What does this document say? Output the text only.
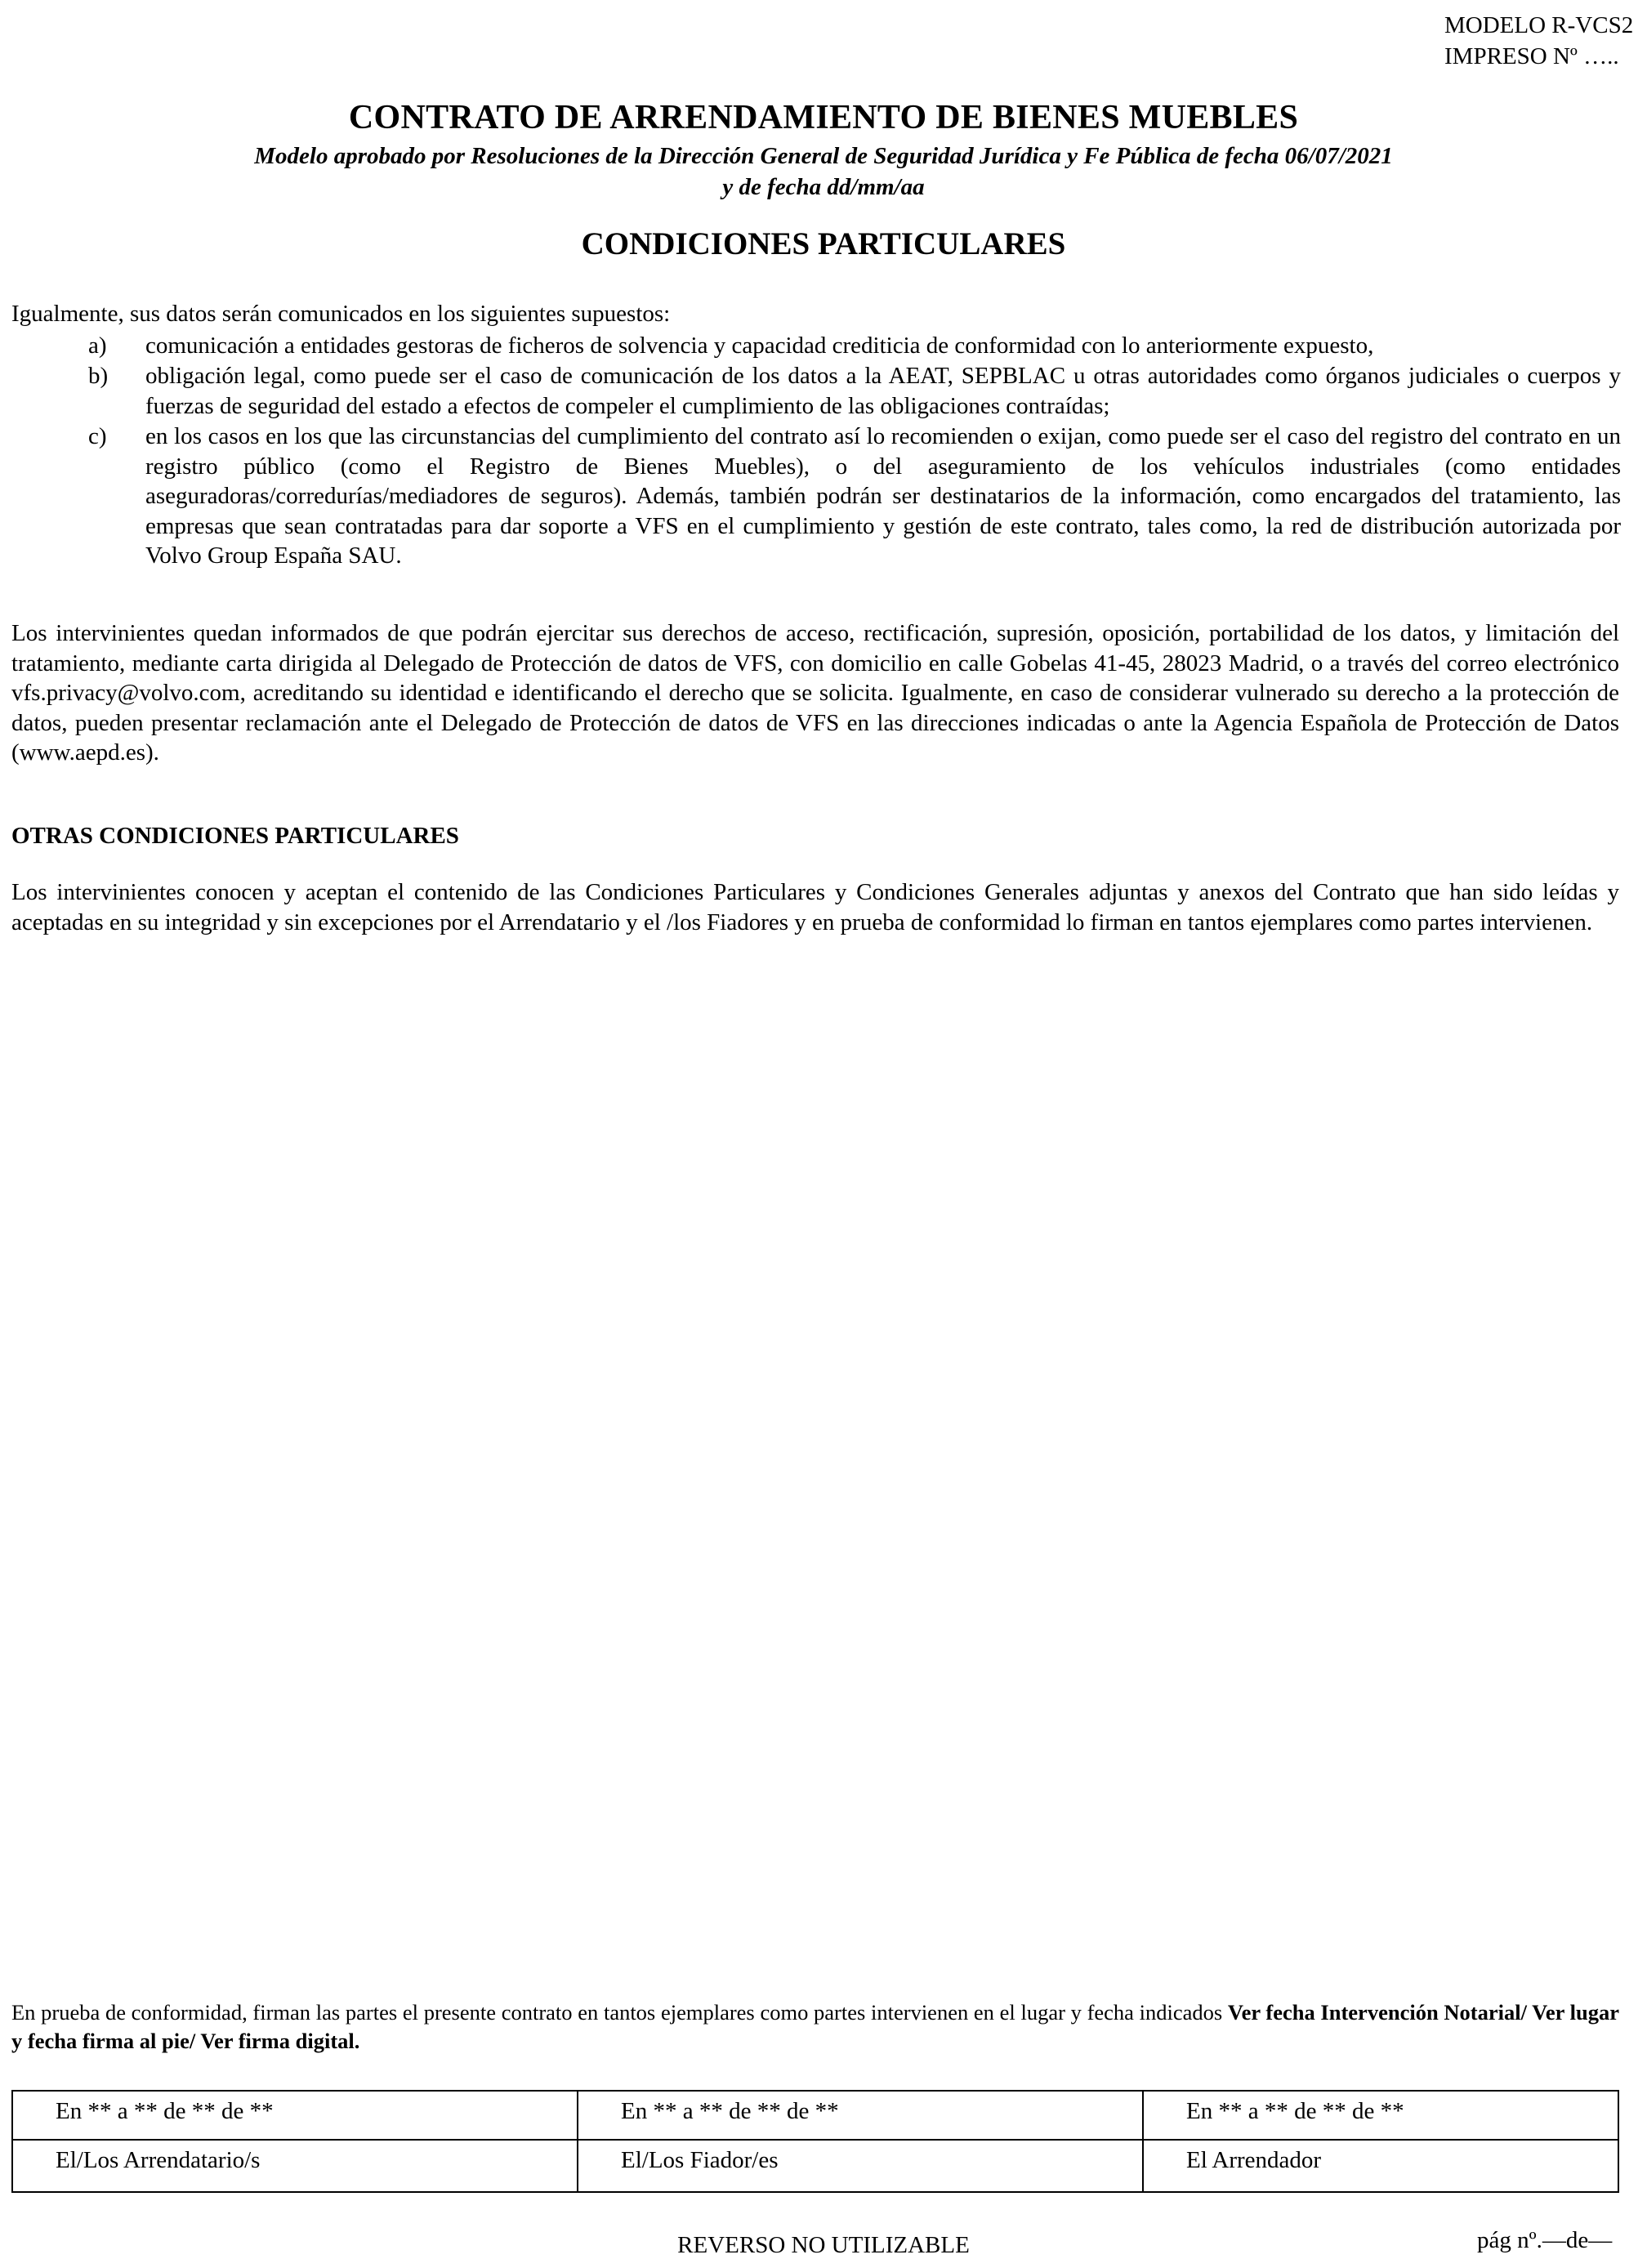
MODELO R-VCS2
IMPRESO Nº …..
CONTRATO DE ARRENDAMIENTO DE BIENES MUEBLES
Modelo aprobado por Resoluciones de la Dirección General de Seguridad Jurídica y Fe Pública de fecha 06/07/2021
y de fecha dd/mm/aa
CONDICIONES PARTICULARES
Igualmente, sus datos serán comunicados en los siguientes supuestos:
a) comunicación a entidades gestoras de ficheros de solvencia y capacidad crediticia de conformidad con lo anteriormente expuesto,
b) obligación legal, como puede ser el caso de comunicación de los datos a la AEAT, SEPBLAC u otras autoridades como órganos judiciales o cuerpos y fuerzas de seguridad del estado a efectos de compeler el cumplimiento de las obligaciones contraídas;
c) en los casos en los que las circunstancias del cumplimiento del contrato así lo recomienden o exijan, como puede ser el caso del registro del contrato en un registro público (como el Registro de Bienes Muebles), o del aseguramiento de los vehículos industriales (como entidades aseguradoras/corredurías/mediadores de seguros). Además, también podrán ser destinatarios de la información, como encargados del tratamiento, las empresas que sean contratadas para dar soporte a VFS en el cumplimiento y gestión de este contrato, tales como, la red de distribución autorizada por Volvo Group España SAU.
Los intervinientes quedan informados de que podrán ejercitar sus derechos de acceso, rectificación, supresión, oposición, portabilidad de los datos, y limitación del tratamiento, mediante carta dirigida al Delegado de Protección de datos de VFS, con domicilio en calle Gobelas 41-45, 28023 Madrid, o a través del correo electrónico vfs.privacy@volvo.com, acreditando su identidad e identificando el derecho que se solicita. Igualmente, en caso de considerar vulnerado su derecho a la protección de datos, pueden presentar reclamación ante el Delegado de Protección de datos de VFS en las direcciones indicadas o ante la Agencia Española de Protección de Datos (www.aepd.es).
OTRAS CONDICIONES PARTICULARES
Los intervinientes conocen y aceptan el contenido de las Condiciones Particulares y Condiciones Generales adjuntas y anexos del Contrato que han sido leídas y aceptadas en su integridad y sin excepciones por el Arrendatario y el /los Fiadores y en prueba de conformidad lo firman en tantos ejemplares como partes intervienen.
En prueba de conformidad, firman las partes el presente contrato en tantos ejemplares como partes intervienen en el lugar y fecha indicados Ver fecha Intervención Notarial/ Ver lugar y fecha firma al pie/ Ver firma digital.
En ** a ** de ** de **	En ** a ** de ** de **	En ** a ** de ** de **
El/Los Arrendatario/s	El/Los Fiador/es	El Arrendador
REVERSO NO UTILIZABLE	pág nº.—de—
